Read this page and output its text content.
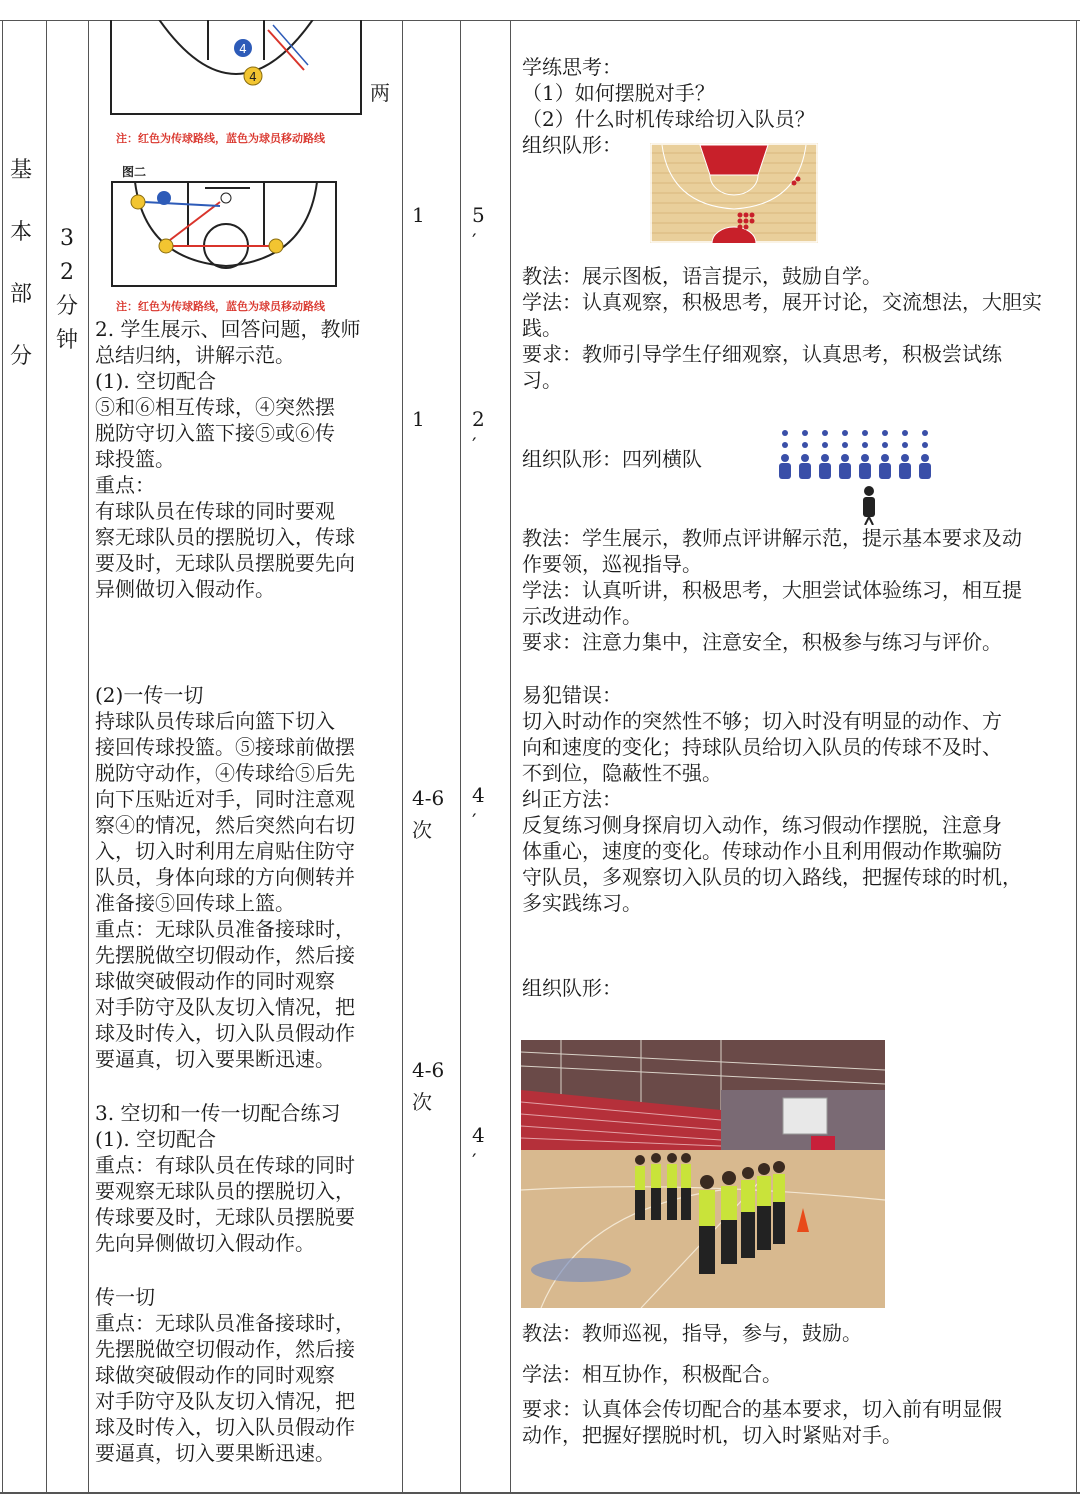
基
本
部
分
3
2
分
钟
4
4
两
注：红色为传球路线，蓝色为球员移动路线
图二
注：红色为传球路线，蓝色为球员移动路线
2. 学生展示、回答问题，教师
总结归纳，讲解示范。
(1). 空切配合
⑤和⑥相互传球，④突然摆
脱防守切入篮下接⑤或⑥传
球投篮。
重点：
有球队员在传球的同时要观
察无球队员的摆脱切入，传球
要及时，无球队员摆脱要先向
异侧做切入假动作。
(2)一传一切
持球队员传球后向篮下切入
接回传球投篮。⑤接球前做摆
脱防守动作，④传球给⑤后先
向下压贴近对手，同时注意观
察④的情况，然后突然向右切
入，切入时利用左肩贴住防守
队员，身体向球的方向侧转并
准备接⑤回传球上篮。
重点：无球队员准备接球时，
先摆脱做空切假动作，然后接
球做突破假动作的同时观察
对手防守及队友切入情况，把
球及时传入，切入队员假动作
要逼真，切入要果断迅速。
3. 空切和一传一切配合练习
(1). 空切配合
重点：有球队员在传球的同时
要观察无球队员的摆脱切入，
传球要及时，无球队员摆脱要
先向异侧做切入假动作。
传一切
重点：无球队员准备接球时，
先摆脱做空切假动作，然后接
球做突破假动作的同时观察
对手防守及队友切入情况，把
球及时传入，切入队员假动作
要逼真，切入要果断迅速。
1
1
4-6
次
4-6
次
5
′
2
′
4
′
4
′
学练思考：
（1）如何摆脱对手？
（2）什么时机传球给切入队员？
组织队形：
教法：展示图板，语言提示，鼓励自学。
学法：认真观察，积极思考，展开讨论，交流想法，大胆实
践。
要求：教师引导学生仔细观察，认真思考，积极尝试练
习。
组织队形：四列横队
教法：学生展示，教师点评讲解示范，提示基本要求及动
作要领，巡视指导。
学法：认真听讲，积极思考，大胆尝试体验练习，相互提
示改进动作。
要求：注意力集中，注意安全，积极参与练习与评价。
易犯错误：
切入时动作的突然性不够；切入时没有明显的动作、方
向和速度的变化；持球队员给切入队员的传球不及时、
不到位，隐蔽性不强。
纠正方法：
反复练习侧身探肩切入动作，练习假动作摆脱，注意身
体重心，速度的变化。传球动作小且利用假动作欺骗防
守队员，多观察切入队员的切入路线，把握传球的时机，
多实践练习。
组织队形：
教法：教师巡视，指导，参与，鼓励。
学法：相互协作，积极配合。
要求：认真体会传切配合的基本要求，切入前有明显假
动作，把握好摆脱时机，切入时紧贴对手。
